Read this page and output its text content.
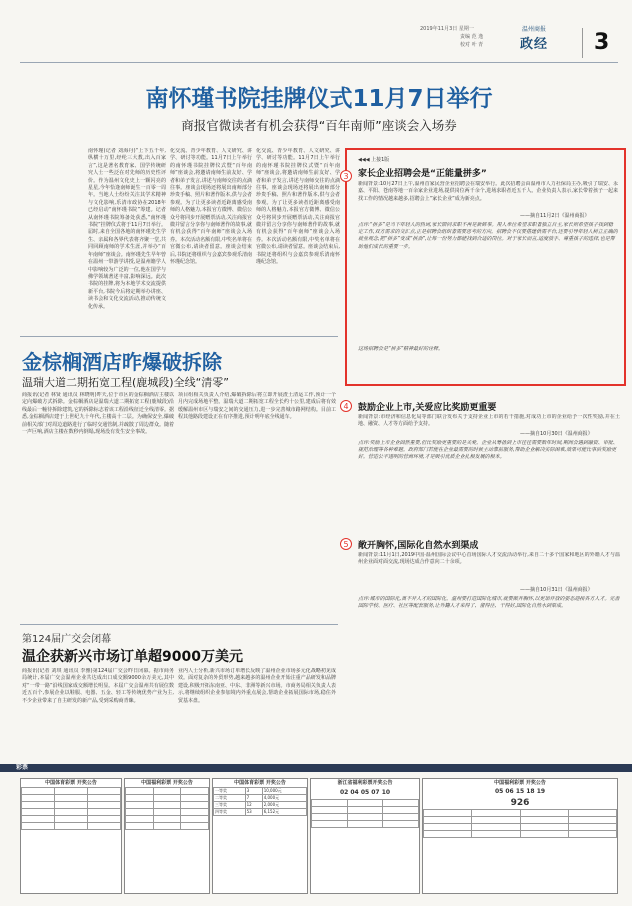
2019年11月3日 星期一
责编 范 逸
校对 叶 青
温州商报
政经 3
南怀瑾书院挂牌仪式11月7日举行
商报官微读者有机会获得“百年南师”座谈会入场券
南怀瑾(记者 刘海丹)“上下五千年,纵横十万里,经纶三大教,出入百家言”,这是著名教育家、国学传统研究人士一些泛在对先师的历史性评价。作为温州文化史上一颗闪亮的星星,今年恰逢南师诞生一百零一周年。当地人士纷纷关注其学术精神与文化影响,乐清市政协在2018年已经启动“南怀瑾书院”筹建。记者从南怀瑾书院筹备处获悉,“南怀瑾书院”挂牌仪式将于11月7日举行。届时,来自全国各地的南怀瑾先生学生、亲属和各界代表将齐聚一堂,共同回顾南师的学术生涯,并举办“百年南师”座谈会。南怀瑾先生早年曾在温州一带游学讲授,是温州籍学人中影响较为广泛的一位,他在国学与佛学领域著述丰富,影响深远。此次书院的挂牌,将为本地学术交流提供新平台,书院今后将定期举办讲座、读书会和文化交流活动,推动传统文化传承。
化交流、青少年教育、人文研究、讲学、研讨等功能。11月7日上午举行的南怀瑾书院挂牌仪式暨“百年南师”座谈会,将邀请南师生前友好、学者和弟子发言,讲述与南师交往的点滴往事。座谈会现场还将展出南师部分珍贵手稿、照片和著作版本,供与会者参观。为了让更多读者近距离感受南师的人格魅力,本报官方微博、微信公众号将同步开展赠票活动,关注商报官微并留言分享你与南师著作的故事,就有机会获得“百年南师”座谈会入场券。本次活动名额有限,中奖名单将在官微公布,请读者留意。座谈会结束后,书院还将组织与会嘉宾参观乐清南怀瑾纪念馆。
化交流、青少年教育、人文研究、讲学、研讨等功能。11月7日上午举行的南怀瑾书院挂牌仪式暨“百年南师”座谈会,将邀请南师生前友好、学者和弟子发言,讲述与南师交往的点滴往事。座谈会现场还将展出南师部分珍贵手稿、照片和著作版本,供与会者参观。为了让更多读者近距离感受南师的人格魅力,本报官方微博、微信公众号将同步开展赠票活动,关注商报官微并留言分享你与南师著作的故事,就有机会获得“百年南师”座谈会入场券。本次活动名额有限,中奖名单将在官微公布,请读者留意。座谈会结束后,书院还将组织与会嘉宾参观乐清南怀瑾纪念馆。
◀◀◀ 上接1版
3	家长企业招聘会是“正能量拼多”
新闻背景:10月27日上午,温州首家民营企业招聘会在瑞安举行。此次招聘会由温州市人力社保局主办,吸引了瑞安、永嘉、平阳、苍南等地一百余家企业进场,提供岗位两千余个,进场求职者近五千人。企业负责人表示,家长带着孩子一起来找工作的情况越来越多,招聘会上“家长企业”成为新亮点。
——摘自11月2日《温州商报》
点评:“拼多”是当下年轻人的热词,家长陪同求职不再是新鲜事。用人单位希望求职者独立自主,家长则希望孩子找到稳定工作,双方需求的交汇点,正是招聘会组织者需要思考的方向。招聘会不仅要搭建供需平台,还要引导年轻人树立正确的就业观念,把“拼多”变成“拼劲”,让每一份努力都能找到合适的岗位。对于家长而言,适度放手、尊重孩子的选择,也是帮助他们成长的重要一步。
这场招聘会是“拼多”精神最好的诠释。
4	鼓励企业上市,关爱应比奖励更重要
新闻背景:市经济和信息化局等部门联合发布关于支持企业上市的若干措施,对成功上市的企业给予一次性奖励,并在土地、融资、人才等方面给予支持。
——摘自10月30日《温州商报》
点评:奖励上市企业固然重要,但比奖励更重要的是关爱。企业从筹备到上市往往需要数年时间,期间会遇到融资、审批、规范治理等各种难题。政府部门若能在企业最需要的时候主动靠前服务,帮助企业解决实际困难,效果可能比事后奖励更好。营造公平透明的营商环境,才是吸引优质企业扎根发展的根本。
5	敞开胸怀,国际化自然水到渠成
新闻背景:11月1日,2019中国·温州国际会议中心首场国际人才交流活动举行,来自二十多个国家和地区的外籍人才与温州企业面对面交流,现场达成合作意向二十余项。
——摘自10月31日《温州商报》
点评:城市的国际化,离不开人才的国际化。温州要打造国际化城市,就要敞开胸怀,以更加开放的姿态迎接各方人才。完善国际学校、医疗、社区等配套服务,让外籍人才来得了、留得住、干得好,国际化自然水到渠成。
金棕榈酒店昨爆破拆除
温瑞大道二期拓宽工程(鹿城段)全线“清零”
商报讯(记者 林贤 通讯员 林晓明)昨天,位于市区的金棕榈酒店主楼以定向爆破方式拆除。金棕榈酒店是温瑞大道二期拓宽工程(鹿城段)沿线最后一幢待拆除建筑,它的拆除标志着该工程沿线征迁全线清零。据悉,金棕榈酒店建于上世纪九十年代,主楼高十二层。为确保安全,爆破前相关部门对周边道路进行了临时交通管制,并疏散了周边群众。随着一声巨响,酒店主楼在数秒内倒塌,现场没有发生安全事故。
项目组相关负责人介绍,爆破拆除后将立即开展渣土清运工作,预计一个月内完成场地平整。温瑞大道二期拓宽工程全长约十公里,建成后将有效缓解温州市区与瑞安之间的交通压力,进一步完善城市路网结构。目前工程其他路段建设正在有序推进,预计明年底全线通车。
第124届广交会闭幕
温企获新兴市场订单超9000万美元
商报讯(记者 刘琪 通讯员 李雅)第124届广交会昨日闭幕。据市商务局统计,本届广交会温州企业共达成出口成交额9000余万美元,其中对“一带一路”沿线国家成交额增长明显。本届广交会温州共有展位数近五百个,参展企业以鞋服、电器、五金、轻工等传统优势产业为主,不少企业带来了自主研发的新产品,受到采购商青睐。
业内人士分析,新兴市场订单增长反映了温州企业市场多元化战略初见成效。面对复杂的外贸形势,越来越多的温州企业开始注重产品研发和品牌建设,积极开拓东南亚、中东、非洲等新兴市场。市商务局相关负责人表示,将继续组织企业参加境内外重点展会,帮助企业拓展国际市场,稳住外贸基本盘。
彩票
中国体育彩票 开奖公告

			中国福利彩票 开奖公告

			中国体育彩票 开奖公告
一等奖	3	10,000元
二等奖	7	4,000元
三等奖	12	2,000元
四等奖	53	6,152元
浙江省福利彩票开奖公告
02 04 05 07 10

中国福利彩票 开奖公告
05 06 15 18 19
926
